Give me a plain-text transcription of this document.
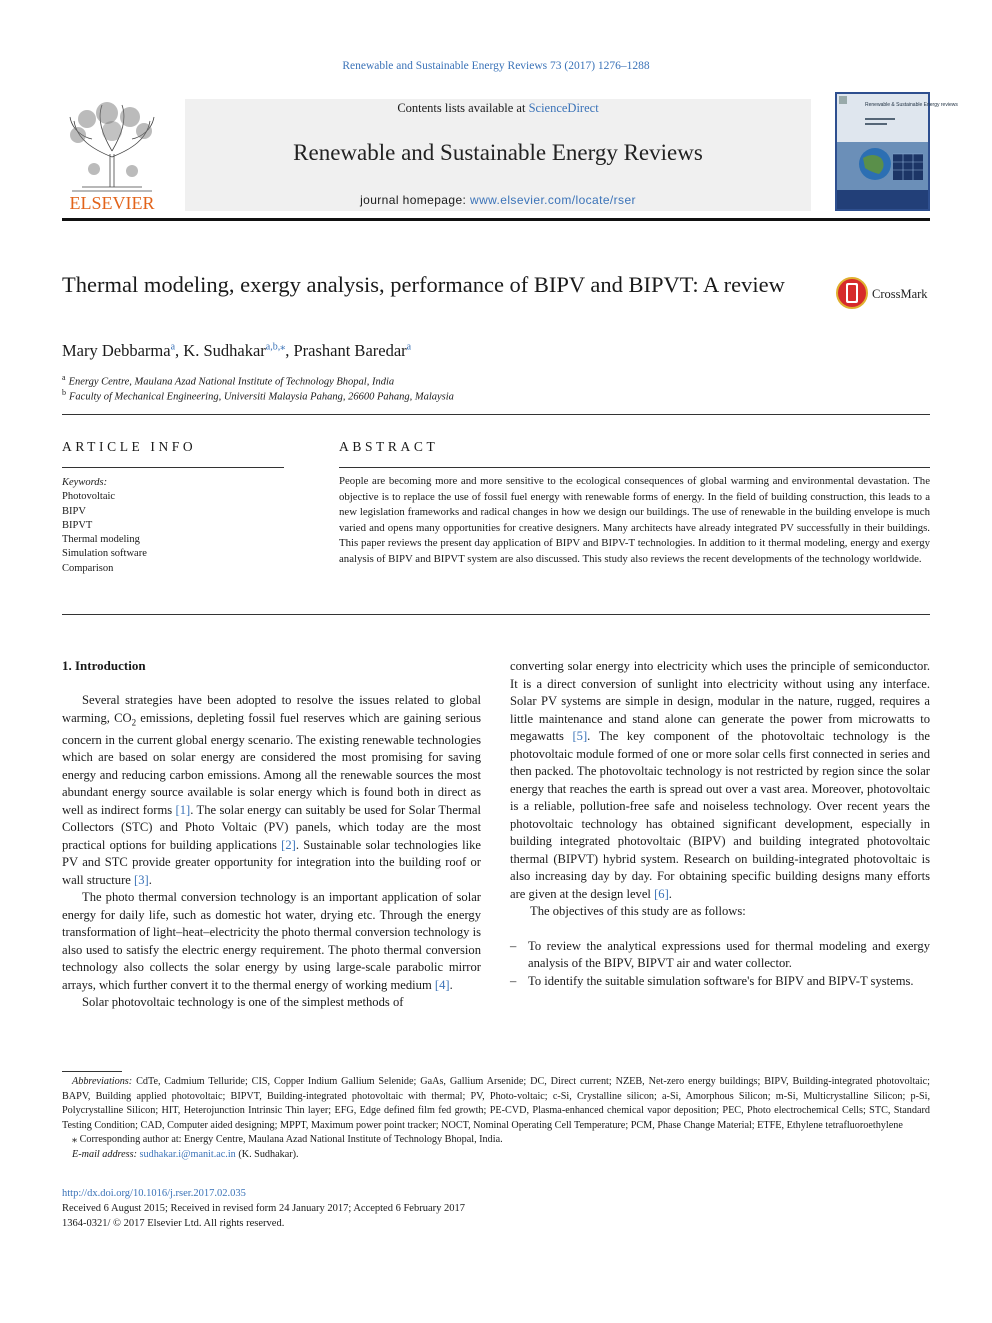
Renewable and Sustainable Energy Reviews 73 (2017) 1276–1288
ELSEVIER
Contents lists available at ScienceDirect
Renewable and Sustainable Energy Reviews
journal homepage: www.elsevier.com/locate/rser
Renewable & Sustainable Energy reviews
Thermal modeling, exergy analysis, performance of BIPV and BIPVT: A review	CrossMark
Mary Debbarma$^a$, K. Sudhakar$^{a,b,⁎}$, Prashant Baredar$^a$
$^a$ Energy Centre, Maulana Azad National Institute of Technology Bhopal, India
$^b$ Faculty of Mechanical Engineering, Universiti Malaysia Pahang, 26600 Pahang, Malaysia
ARTICLE INFO
Keywords:
Photovoltaic
BIPV
BIPVT
Thermal modeling
Simulation software
Comparison
ABSTRACT
People are becoming more and more sensitive to the ecological consequences of global warming and environmental devastation. The objective is to replace the use of fossil fuel energy with renewable forms of energy. In the field of building construction, this leads to a new legislation frameworks and radical changes in how we design our buildings. The use of renewable in the building envelope is much varied and opens many opportunities for creative designers. Many architects have already integrated PV successfully in their buildings. This paper reviews the present day application of BIPV and BIPV-T technologies. In addition to it thermal modeling, energy and exergy analysis of BIPV and BIPVT system are also discussed. This study also reviews the recent developments of the technology worldwide.
1. Introduction

Several strategies have been adopted to resolve the issues related to global warming, $CO_2$ emissions, depleting fossil fuel reserves which are gaining serious concern in the current global energy scenario. The existing renewable technologies which are based on solar energy are considered the most promising for saving energy and reducing carbon emissions. Among all the renewable sources the most abundant energy source available is solar energy which is found both in direct as well as indirect forms [1]. The solar energy can suitably be used for Solar Thermal Collectors (STC) and Photo Voltaic (PV) panels, which today are the most practical options for building applications [2]. Sustainable solar technologies like PV and STC provide greater opportunity for integration into the building roof or wall structure [3].

The photo thermal conversion technology is an important application of solar energy for daily life, such as domestic hot water, drying etc. Through the energy transformation of light–heat–electricity the photo thermal conversion technology is also used to satisfy the electric energy requirement. The photo thermal conversion technology also collects the solar energy by using large-scale parabolic mirror arrays, which further convert it to the thermal energy of working medium [4].

Solar photovoltaic technology is one of the simplest methods of

converting solar energy into electricity which uses the principle of semiconductor. It is a direct conversion of sunlight into electricity without using any interface. Solar PV systems are simple in design, modular in the nature, rugged, requires a little maintenance and stand alone can generate the power from microwatts to megawatts [5]. The key component of the photovoltaic technology is the photovoltaic module formed of one or more solar cells first connected in series and then packed. The photovoltaic technology is not restricted by region since the solar energy that reaches the earth is spread out over a vast area. Moreover, photovoltaic is a reliable, pollution-free safe and noiseless technology. Over recent years the photovoltaic technology has obtained significant development, especially in building integrated photovoltaic (BIPV) and building integrated photovoltaic thermal (BIPVT) hybrid system. Research on building-integrated photovoltaic is also increasing day by day. For obtaining specific building designs many efforts are given at the design level [6].

The objectives of this study are as follows:

– To review the analytical expressions used for thermal modeling and exergy analysis of the BIPV, BIPVT air and water collector.

– To identify the suitable simulation software's for BIPV and BIPV-T systems.

Abbreviations: CdTe, Cadmium Telluride; CIS, Copper Indium Gallium Selenide; GaAs, Gallium Arsenide; DC, Direct current; NZEB, Net-zero energy buildings; BIPV, Building-integrated photovoltaic; BAPV, Building applied photovoltaic; BIPVT, Building-integrated photovoltaic with thermal; PV, Photo-voltaic; c-Si, Crystalline silicon; a-Si, Amorphous Silicon; m-Si, Multicrystalline Silicon; p-Si, Polycrystalline Silicon; HIT, Heterojunction Intrinsic Thin layer; EFG, Edge defined film fed growth; PE-CVD, Plasma-enhanced chemical vapor deposition; PEC, Photo electrochemical Cells; STC, Standard Testing Condition; CAD, Computer aided designing; MPPT, Maximum power point tracker; NOCT, Nominal Operating Cell Temperature; PCM, Phase Change Material; ETFE, Ethylene tetrafluoroethylene

⁎ Corresponding author at: Energy Centre, Maulana Azad National Institute of Technology Bhopal, India.

E-mail address: sudhakar.i@manit.ac.in (K. Sudhakar).

http://dx.doi.org/10.1016/j.rser.2017.02.035
Received 6 August 2015; Received in revised form 24 January 2017; Accepted 6 February 2017
1364-0321/ © 2017 Elsevier Ltd. All rights reserved.
